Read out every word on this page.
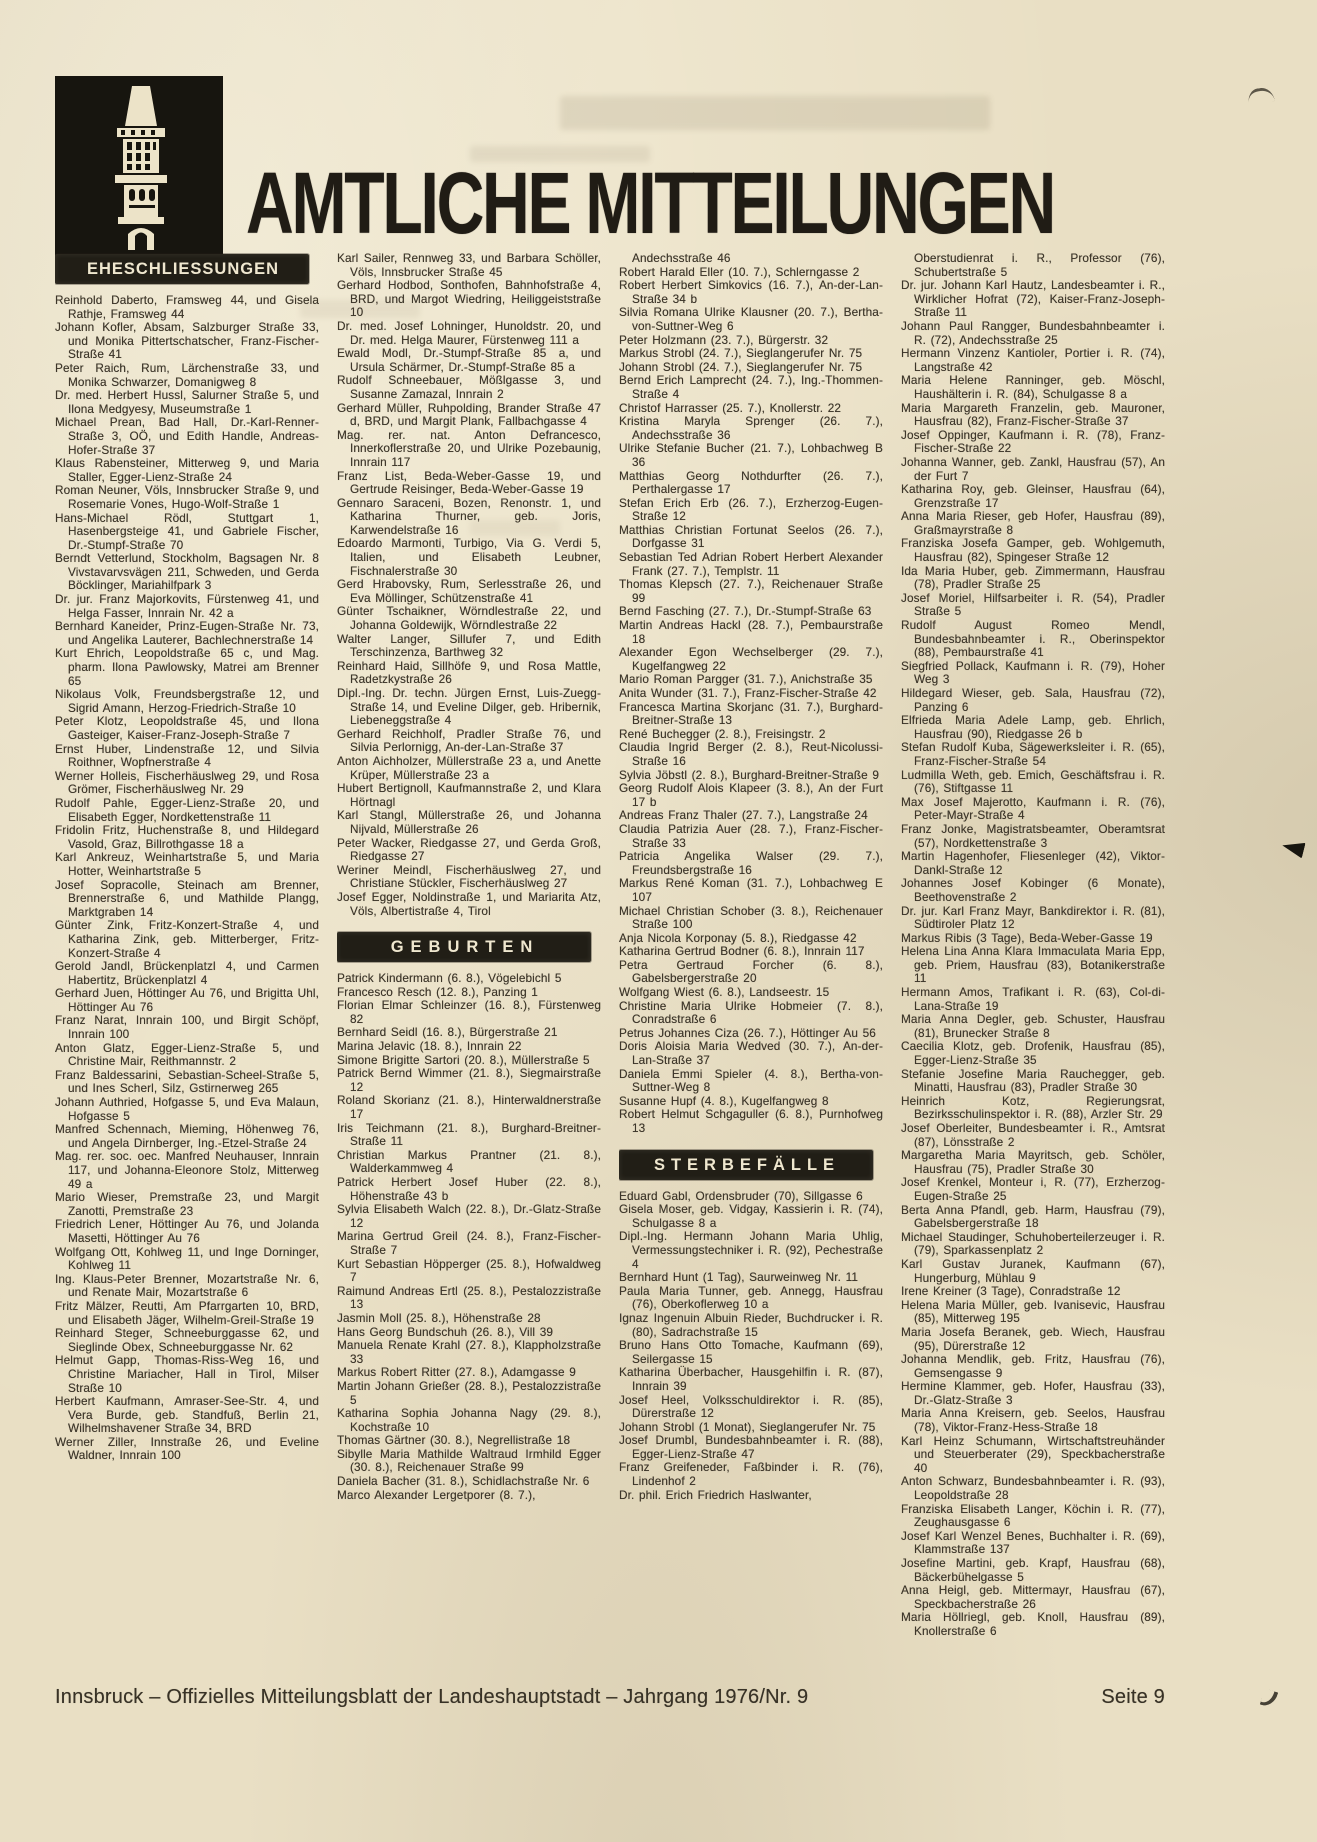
AMTLICHE MITTEILUNGEN
EHESCHLIESSUNGEN

Reinhold Daberto, Framsweg 44, und Gisela Rathje, Framsweg 44

Johann Kofler, Absam, Salzburger Straße 33, und Monika Pittertschatscher, Franz-Fischer-Straße 41

Peter Raich, Rum, Lärchenstraße 33, und Monika Schwarzer, Domanigweg 8

Dr. med. Herbert Hussl, Salurner Straße 5, und Ilona Medgyesy, Museumstraße 1

Michael Prean, Bad Hall, Dr.-Karl-Renner-Straße 3, OÖ, und Edith Handle, Andreas-Hofer-Straße 37

Klaus Rabensteiner, Mitterweg 9, und Maria Staller, Egger-Lienz-Straße 24

Roman Neuner, Völs, Innsbrucker Straße 9, und Rosemarie Vones, Hugo-Wolf-Straße 1

Hans-Michael Rödl, Stuttgart 1, Hasenbergsteige 41, und Gabriele Fischer, Dr.-Stumpf-Straße 70

Berndt Vetterlund, Stockholm, Bagsagen Nr. 8 Vivstavarvsvägen 211, Schweden, und Gerda Böcklinger, Mariahilfpark 3

Dr. jur. Franz Majorkovits, Fürstenweg 41, und Helga Fasser, Innrain Nr. 42 a

Bernhard Kaneider, Prinz-Eugen-Straße Nr. 73, und Angelika Lauterer, Bachlechnerstraße 14

Kurt Ehrich, Leopoldstraße 65 c, und Mag. pharm. Ilona Pawlowsky, Matrei am Brenner 65

Nikolaus Volk, Freundsbergstraße 12, und Sigrid Amann, Herzog-Friedrich-Straße 10

Peter Klotz, Leopoldstraße 45, und Ilona Gasteiger, Kaiser-Franz-Joseph-Straße 7

Ernst Huber, Lindenstraße 12, und Silvia Roithner, Wopfnerstraße 4

Werner Holleis, Fischerhäuslweg 29, und Rosa Grömer, Fischerhäuslweg Nr. 29

Rudolf Pahle, Egger-Lienz-Straße 20, und Elisabeth Egger, Nordkettenstraße 11

Fridolin Fritz, Huchenstraße 8, und Hildegard Vasold, Graz, Billrothgasse 18 a

Karl Ankreuz, Weinhartstraße 5, und Maria Hotter, Weinhartstraße 5

Josef Sopracolle, Steinach am Brenner, Brennerstraße 6, und Mathilde Plangg, Marktgraben 14

Günter Zink, Fritz-Konzert-Straße 4, und Katharina Zink, geb. Mitterberger, Fritz-Konzert-Straße 4

Gerold Jandl, Brückenplatzl 4, und Carmen Habertitz, Brückenplatzl 4

Gerhard Juen, Höttinger Au 76, und Brigitta Uhl, Höttinger Au 76

Franz Narat, Innrain 100, und Birgit Schöpf, Innrain 100

Anton Glatz, Egger-Lienz-Straße 5, und Christine Mair, Reithmannstr. 2

Franz Baldessarini, Sebastian-Scheel-Straße 5, und Ines Scherl, Silz, Gstirnerweg 265

Johann Authried, Hofgasse 5, und Eva Malaun, Hofgasse 5

Manfred Schennach, Mieming, Höhenweg 76, und Angela Dirnberger, Ing.-Etzel-Straße 24

Mag. rer. soc. oec. Manfred Neuhauser, Innrain 117, und Johanna-Eleonore Stolz, Mitterweg 49 a

Mario Wieser, Premstraße 23, und Margit Zanotti, Premstraße 23

Friedrich Lener, Höttinger Au 76, und Jolanda Masetti, Höttinger Au 76

Wolfgang Ott, Kohlweg 11, und Inge Dorninger, Kohlweg 11

Ing. Klaus-Peter Brenner, Mozartstraße Nr. 6, und Renate Mair, Mozartstraße 6

Fritz Mälzer, Reutti, Am Pfarrgarten 10, BRD, und Elisabeth Jäger, Wilhelm-Greil-Straße 19

Reinhard Steger, Schneeburggasse 62, und Sieglinde Obex, Schneeburggasse Nr. 62

Helmut Gapp, Thomas-Riss-Weg 16, und Christine Mariacher, Hall in Tirol, Milser Straße 10

Herbert Kaufmann, Amraser-See-Str. 4, und Vera Burde, geb. Standfuß, Berlin 21, Wilhelmshavener Straße 34, BRD

Werner Ziller, Innstraße 26, und Eveline Waldner, Innrain 100

Karl Sailer, Rennweg 33, und Barbara Schöller, Völs, Innsbrucker Straße 45

Gerhard Hodbod, Sonthofen, Bahnhofstraße 4, BRD, und Margot Wiedring, Heiliggeiststraße 10

Dr. med. Josef Lohninger, Hunoldstr. 20, und Dr. med. Helga Maurer, Fürstenweg 111 a

Ewald Modl, Dr.-Stumpf-Straße 85 a, und Ursula Schärmer, Dr.-Stumpf-Straße 85 a

Rudolf Schneebauer, Mößlgasse 3, und Susanne Zamazal, Innrain 2

Gerhard Müller, Ruhpolding, Brander Straße 47 d, BRD, und Margit Plank, Fallbachgasse 4

Mag. rer. nat. Anton Defrancesco, Innerkoflerstraße 20, und Ulrike Pozebaunig, Innrain 117

Franz List, Beda-Weber-Gasse 19, und Gertrude Reisinger, Beda-Weber-Gasse 19

Gennaro Saraceni, Bozen, Renonstr. 1, und Katharina Thurner, geb. Joris, Karwendelstraße 16

Edoardo Marmonti, Turbigo, Via G. Verdi 5, Italien, und Elisabeth Leubner, Fischnalerstraße 30

Gerd Hrabovsky, Rum, Serlesstraße 26, und Eva Möllinger, Schützenstraße 41

Günter Tschaikner, Wörndlestraße 22, und Johanna Goldewijk, Wörndlestraße 22

Walter Langer, Sillufer 7, und Edith Terschinzenza, Barthweg 32

Reinhard Haid, Sillhöfe 9, und Rosa Mattle, Radetzkystraße 26

Dipl.-Ing. Dr. techn. Jürgen Ernst, Luis-Zuegg-Straße 14, und Eveline Dilger, geb. Hribernik, Liebeneggstraße 4

Gerhard Reichholf, Pradler Straße 76, und Silvia Perlornigg, An-der-Lan-Straße 37

Anton Aichholzer, Müllerstraße 23 a, und Anette Krüper, Müllerstraße 23 a

Hubert Bertignoll, Kaufmannstraße 2, und Klara Hörtnagl

Karl Stangl, Müllerstraße 26, und Johanna Nijvald, Müllerstraße 26

Peter Wacker, Riedgasse 27, und Gerda Groß, Riedgasse 27

Weriner Meindl, Fischerhäuslweg 27, und Christiane Stückler, Fischerhäuslweg 27

Josef Egger, Noldinstraße 1, und Mariarita Atz, Völs, Albertistraße 4, Tirol

GEBURTEN

Patrick Kindermann (6. 8.), Vögelebichl 5

Francesco Resch (12. 8.), Panzing 1

Florian Elmar Schleinzer (16. 8.), Fürstenweg 82

Bernhard Seidl (16. 8.), Bürgerstraße 21

Marina Jelavic (18. 8.), Innrain 22

Simone Brigitte Sartori (20. 8.), Müllerstraße 5

Patrick Bernd Wimmer (21. 8.), Siegmairstraße 12

Roland Skorianz (21. 8.), Hinterwaldnerstraße 17

Iris Teichmann (21. 8.), Burghard-Breitner-Straße 11

Christian Markus Prantner (21. 8.), Walderkammweg 4

Patrick Herbert Josef Huber (22. 8.), Höhenstraße 43 b

Sylvia Elisabeth Walch (22. 8.), Dr.-Glatz-Straße 12

Marina Gertrud Greil (24. 8.), Franz-Fischer-Straße 7

Kurt Sebastian Höpperger (25. 8.), Hofwaldweg 7

Raimund Andreas Ertl (25. 8.), Pestalozzistraße 13

Jasmin Moll (25. 8.), Höhenstraße 28

Hans Georg Bundschuh (26. 8.), Vill 39

Manuela Renate Krahl (27. 8.), Klappholzstraße 33

Markus Robert Ritter (27. 8.), Adamgasse 9

Martin Johann Grießer (28. 8.), Pestalozzistraße 5

Katharina Sophia Johanna Nagy (29. 8.), Kochstraße 10

Thomas Gärtner (30. 8.), Negrellistraße 18

Sibylle Maria Mathilde Waltraud Irmhild Egger (30. 8.), Reichenauer Straße 99

Daniela Bacher (31. 8.), Schidlachstraße Nr. 6

Marco Alexander Lergetporer (8. 7.),

Andechsstraße 46

Robert Harald Eller (10. 7.), Schlerngasse 2

Robert Herbert Simkovics (16. 7.), An-der-Lan-Straße 34 b

Silvia Romana Ulrike Klausner (20. 7.), Bertha-von-Suttner-Weg 6

Peter Holzmann (23. 7.), Bürgerstr. 32

Markus Strobl (24. 7.), Sieglangerufer Nr. 75

Johann Strobl (24. 7.), Sieglangerufer Nr. 75

Bernd Erich Lamprecht (24. 7.), Ing.-Thommen-Straße 4

Christof Harrasser (25. 7.), Knollerstr. 22

Kristina Maryla Sprenger (26. 7.), Andechsstraße 36

Ulrike Stefanie Bucher (21. 7.), Lohbachweg B 36

Matthias Georg Nothdurfter (26. 7.), Perthalergasse 17

Stefan Erich Erb (26. 7.), Erzherzog-Eugen-Straße 12

Matthias Christian Fortunat Seelos (26. 7.), Dorfgasse 31

Sebastian Ted Adrian Robert Herbert Alexander Frank (27. 7.), Templstr. 11

Thomas Klepsch (27. 7.), Reichenauer Straße 99

Bernd Fasching (27. 7.), Dr.-Stumpf-Straße 63

Martin Andreas Hackl (28. 7.), Pembaurstraße 18

Alexander Egon Wechselberger (29. 7.), Kugelfangweg 22

Mario Roman Pargger (31. 7.), Anichstraße 35

Anita Wunder (31. 7.), Franz-Fischer-Straße 42

Francesca Martina Skorjanc (31. 7.), Burghard-Breitner-Straße 13

René Buchegger (2. 8.), Freisingstr. 2

Claudia Ingrid Berger (2. 8.), Reut-Nicolussi-Straße 16

Sylvia Jöbstl (2. 8.), Burghard-Breitner-Straße 9

Georg Rudolf Alois Klapeer (3. 8.), An der Furt 17 b

Andreas Franz Thaler (27. 7.), Langstraße 24

Claudia Patrizia Auer (28. 7.), Franz-Fischer-Straße 33

Patricia Angelika Walser (29. 7.), Freundsbergstraße 16

Markus René Koman (31. 7.), Lohbachweg E 107

Michael Christian Schober (3. 8.), Reichenauer Straße 100

Anja Nicola Korponay (5. 8.), Riedgasse 42

Katharina Gertrud Bodner (6. 8.), Innrain 117

Petra Gertraud Forcher (6. 8.), Gabelsbergerstraße 20

Wolfgang Wiest (6. 8.), Landseestr. 15

Christine Maria Ulrike Hobmeier (7. 8.), Conradstraße 6

Petrus Johannes Ciza (26. 7.), Höttinger Au 56

Doris Aloisia Maria Wedved (30. 7.), An-der-Lan-Straße 37

Daniela Emmi Spieler (4. 8.), Bertha-von-Suttner-Weg 8

Susanne Hupf (4. 8.), Kugelfangweg 8

Robert Helmut Schgaguller (6. 8.), Purnhofweg 13

STERBEFÄLLE

Eduard Gabl, Ordensbruder (70), Sillgasse 6

Gisela Moser, geb. Vidgay, Kassierin i. R. (74), Schulgasse 8 a

Dipl.-Ing. Hermann Johann Maria Uhlig, Vermessungstechniker i. R. (92), Pechestraße 4

Bernhard Hunt (1 Tag), Saurweinweg Nr. 11

Paula Maria Tunner, geb. Annegg, Hausfrau (76), Oberkoflerweg 10 a

Ignaz Ingenuin Albuin Rieder, Buchdrucker i. R. (80), Sadrachstraße 15

Bruno Hans Otto Tomache, Kaufmann (69), Seilergasse 15

Katharina Überbacher, Hausgehilfin i. R. (87), Innrain 39

Josef Heel, Volksschuldirektor i. R. (85), Dürerstraße 12

Johann Strobl (1 Monat), Sieglangerufer Nr. 75

Josef Drumbl, Bundesbahnbeamter i. R. (88), Egger-Lienz-Straße 47

Franz Greifeneder, Faßbinder i. R. (76), Lindenhof 2

Dr. phil. Erich Friedrich Haslwanter,

Oberstudienrat i. R., Professor (76), Schubertstraße 5

Dr. jur. Johann Karl Hautz, Landesbeamter i. R., Wirklicher Hofrat (72), Kaiser-Franz-Joseph-Straße 11

Johann Paul Rangger, Bundesbahnbeamter i. R. (72), Andechsstraße 25

Hermann Vinzenz Kantioler, Portier i. R. (74), Langstraße 42

Maria Helene Ranninger, geb. Möschl, Haushälterin i. R. (84), Schulgasse 8 a

Maria Margareth Franzelin, geb. Mauroner, Hausfrau (82), Franz-Fischer-Straße 37

Josef Oppinger, Kaufmann i. R. (78), Franz-Fischer-Straße 22

Johanna Wanner, geb. Zankl, Hausfrau (57), An der Furt 7

Katharina Roy, geb. Gleinser, Hausfrau (64), Grenzstraße 17

Anna Maria Rieser, geb Hofer, Hausfrau (89), Graßmayrstraße 8

Franziska Josefa Gamper, geb. Wohlgemuth, Hausfrau (82), Spingeser Straße 12

Ida Maria Huber, geb. Zimmermann, Hausfrau (78), Pradler Straße 25

Josef Moriel, Hilfsarbeiter i. R. (54), Pradler Straße 5

Rudolf August Romeo Mendl, Bundesbahnbeamter i. R., Oberinspektor (88), Pembaurstraße 41

Siegfried Pollack, Kaufmann i. R. (79), Hoher Weg 3

Hildegard Wieser, geb. Sala, Hausfrau (72), Panzing 6

Elfrieda Maria Adele Lamp, geb. Ehrlich, Hausfrau (90), Riedgasse 26 b

Stefan Rudolf Kuba, Sägewerksleiter i. R. (65), Franz-Fischer-Straße 54

Ludmilla Weth, geb. Emich, Geschäftsfrau i. R. (76), Stiftgasse 11

Max Josef Majerotto, Kaufmann i. R. (76), Peter-Mayr-Straße 4

Franz Jonke, Magistratsbeamter, Oberamtsrat (57), Nordkettenstraße 3

Martin Hagenhofer, Fliesenleger (42), Viktor-Dankl-Straße 12

Johannes Josef Kobinger (6 Monate), Beethovenstraße 2

Dr. jur. Karl Franz Mayr, Bankdirektor i. R. (81), Südtiroler Platz 12

Markus Ribis (3 Tage), Beda-Weber-Gasse 19

Helena Lina Anna Klara Immaculata Maria Epp, geb. Priem, Hausfrau (83), Botanikerstraße 11

Hermann Amos, Trafikant i. R. (63), Col-di-Lana-Straße 19

Maria Anna Degler, geb. Schuster, Hausfrau (81), Brunecker Straße 8

Caecilia Klotz, geb. Drofenik, Hausfrau (85), Egger-Lienz-Straße 35

Stefanie Josefine Maria Rauchegger, geb. Minatti, Hausfrau (83), Pradler Straße 30

Heinrich Kotz, Regierungsrat, Bezirksschulinspektor i. R. (88), Arzler Str. 29

Josef Oberleiter, Bundesbeamter i. R., Amtsrat (87), Lönsstraße 2

Margaretha Maria Mayritsch, geb. Schöler, Hausfrau (75), Pradler Straße 30

Josef Krenkel, Monteur i, R. (77), Erzherzog-Eugen-Straße 25

Berta Anna Pfandl, geb. Harm, Hausfrau (79), Gabelsbergerstraße 18

Michael Staudinger, Schuhoberteilerzeuger i. R. (79), Sparkassenplatz 2

Karl Gustav Juranek, Kaufmann (67), Hungerburg, Mühlau 9

Irene Kreiner (3 Tage), Conradstraße 12

Helena Maria Müller, geb. Ivanisevic, Hausfrau (85), Mitterweg 195

Maria Josefa Beranek, geb. Wiech, Hausfrau (95), Dürerstraße 12

Johanna Mendlik, geb. Fritz, Hausfrau (76), Gemsengasse 9

Hermine Klammer, geb. Hofer, Hausfrau (33), Dr.-Glatz-Straße 3

Maria Anna Kreisern, geb. Seelos, Hausfrau (78), Viktor-Franz-Hess-Straße 18

Karl Heinz Schumann, Wirtschaftstreuhänder und Steuerberater (29), Speckbacherstraße 40

Anton Schwarz, Bundesbahnbeamter i. R. (93), Leopoldstraße 28

Franziska Elisabeth Langer, Köchin i. R. (77), Zeughausgasse 6

Josef Karl Wenzel Benes, Buchhalter i. R. (69), Klammstraße 137

Josefine Martini, geb. Krapf, Hausfrau (68), Bäckerbühelgasse 5

Anna Heigl, geb. Mittermayr, Hausfrau (67), Speckbacherstraße 26

Maria Höllriegl, geb. Knoll, Hausfrau (89), Knollerstraße 6

Innsbruck – Offizielles Mitteilungsblatt der Landeshauptstadt – Jahrgang 1976/Nr. 9	Seite 9
